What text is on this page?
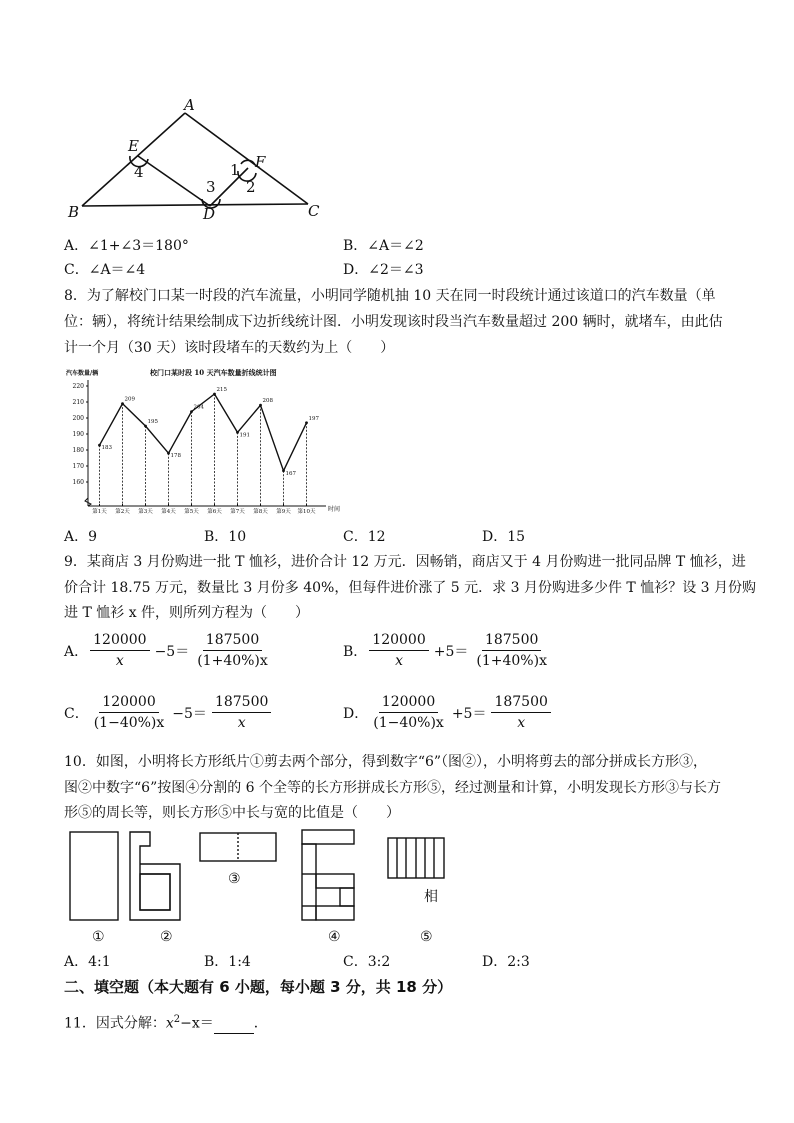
A
E
F
B	D	C
4
3
1
2
A．∠1+∠3＝180°	B．∠A＝∠2
C．∠A＝∠4	D．∠2＝∠3
8．为了解校门口某一时段的汽车流量，小明同学随机抽 10 天在同一时段统计通过该道口的汽车数量（单
位：辆），将统计结果绘制成下边折线统计图．小明发现该时段当汽车数量超过 200 辆时，就堵车，由此估
计一个月（30 天）该时段堵车的天数约为上（　　）
校门口某时段 10 天汽车数量折线统计图
汽车数量/辆
时间
160
170
180
190
200
210
220
第1天 第2天 第3天 第4天 第5天 第6天 第7天 第8天 第9天 第10天
183
209
195
178
204
215
191
208
167
197
A．9	B．10	C．12	D．15
9．某商店 3 月份购进一批 T 恤衫，进价合计 12 万元．因畅销，商店又于 4 月份购进一批同品牌 T 恤衫，进
价合计 18.75 万元，数量比 3 月份多 40%，但每件进价涨了 5 元．求 3 月份购进多少件 T 恤衫？设 3 月份购
进 T 恤衫 x 件，则所列方程为（　　）
A． $\frac{120000}{x} -5= \frac{187500}{(1+40\%)x}$	B． $\frac{120000}{x} +5= \frac{187500}{(1+40\%)x}$
C． $\frac{120000}{(1-40\%)x} -5= \frac{187500}{x}$	D． $\frac{120000}{(1-40\%)x} +5= \frac{187500}{x}$
10．如图，小明将长方形纸片①剪去两个部分，得到数字“6”（图②），小明将剪去的部分拼成长方形③，
图②中数字“6”按图④分割的 6 个全等的长方形拼成长方形⑤，经过测量和计算，小明发现长方形③与长方
形⑤的周长等，则长方形⑤中长与宽的比值是（　　）
①	②
③
④
相
⑤
A．4:1	B．1:4	C．3:2	D．2:3
二、填空题（本大题有 6 小题，每小题 3 分，共 18 分）
11．因式分解：$x^2-x=$	．
